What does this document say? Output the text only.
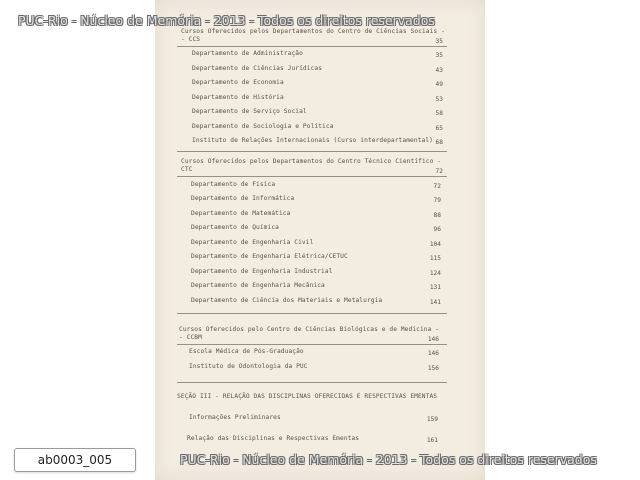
Cursos Oferecidos pelos Departamentos do Centro de Ciências Sociais -
- CCS	35
Departamento de Administração	35
Departamento de Ciências Jurídicas	43
Departamento de Economia	49
Departamento de História	53
Departamento de Serviço Social	58
Departamento de Sociologia e Política	65
Instituto de Relações Internacionais (Curso interdepartamental) 68
Cursos Oferecidos pelos Departamentos do Centro Técnico Científico -
CTC	72
Departamento de Física	72
Departamento de Informática	79
Departamento de Matemática	88
Departamento de Química	96
Departamento de Engenharia Civil	104
Departamento de Engenharia Elétrica/CETUC	115
Departamento de Engenharia Industrial	124
Departamento de Engenharia Mecânica	131
Departamento de Ciência dos Materiais e Metalurgia	141
Cursos Oferecidos pelo Centro de Ciências Biológicas e de Medicina -
- CCBM	146
Escola Médica de Pós-Graduação	146
Instituto de Odontologia da PUC	156
SEÇÃO III - RELAÇÃO DAS DISCIPLINAS OFERECIDAS E RESPECTIVAS EMENTAS
Informações Preliminares	159
Relação das Disciplinas e Respectivas Ementas	161
PUC-Rio - Núcleo de Memória - 2013 - Todos os direitos reservados
PUC-Rio - Núcleo de Memória - 2013 - Todos os direitos reservados
ab0003_005
